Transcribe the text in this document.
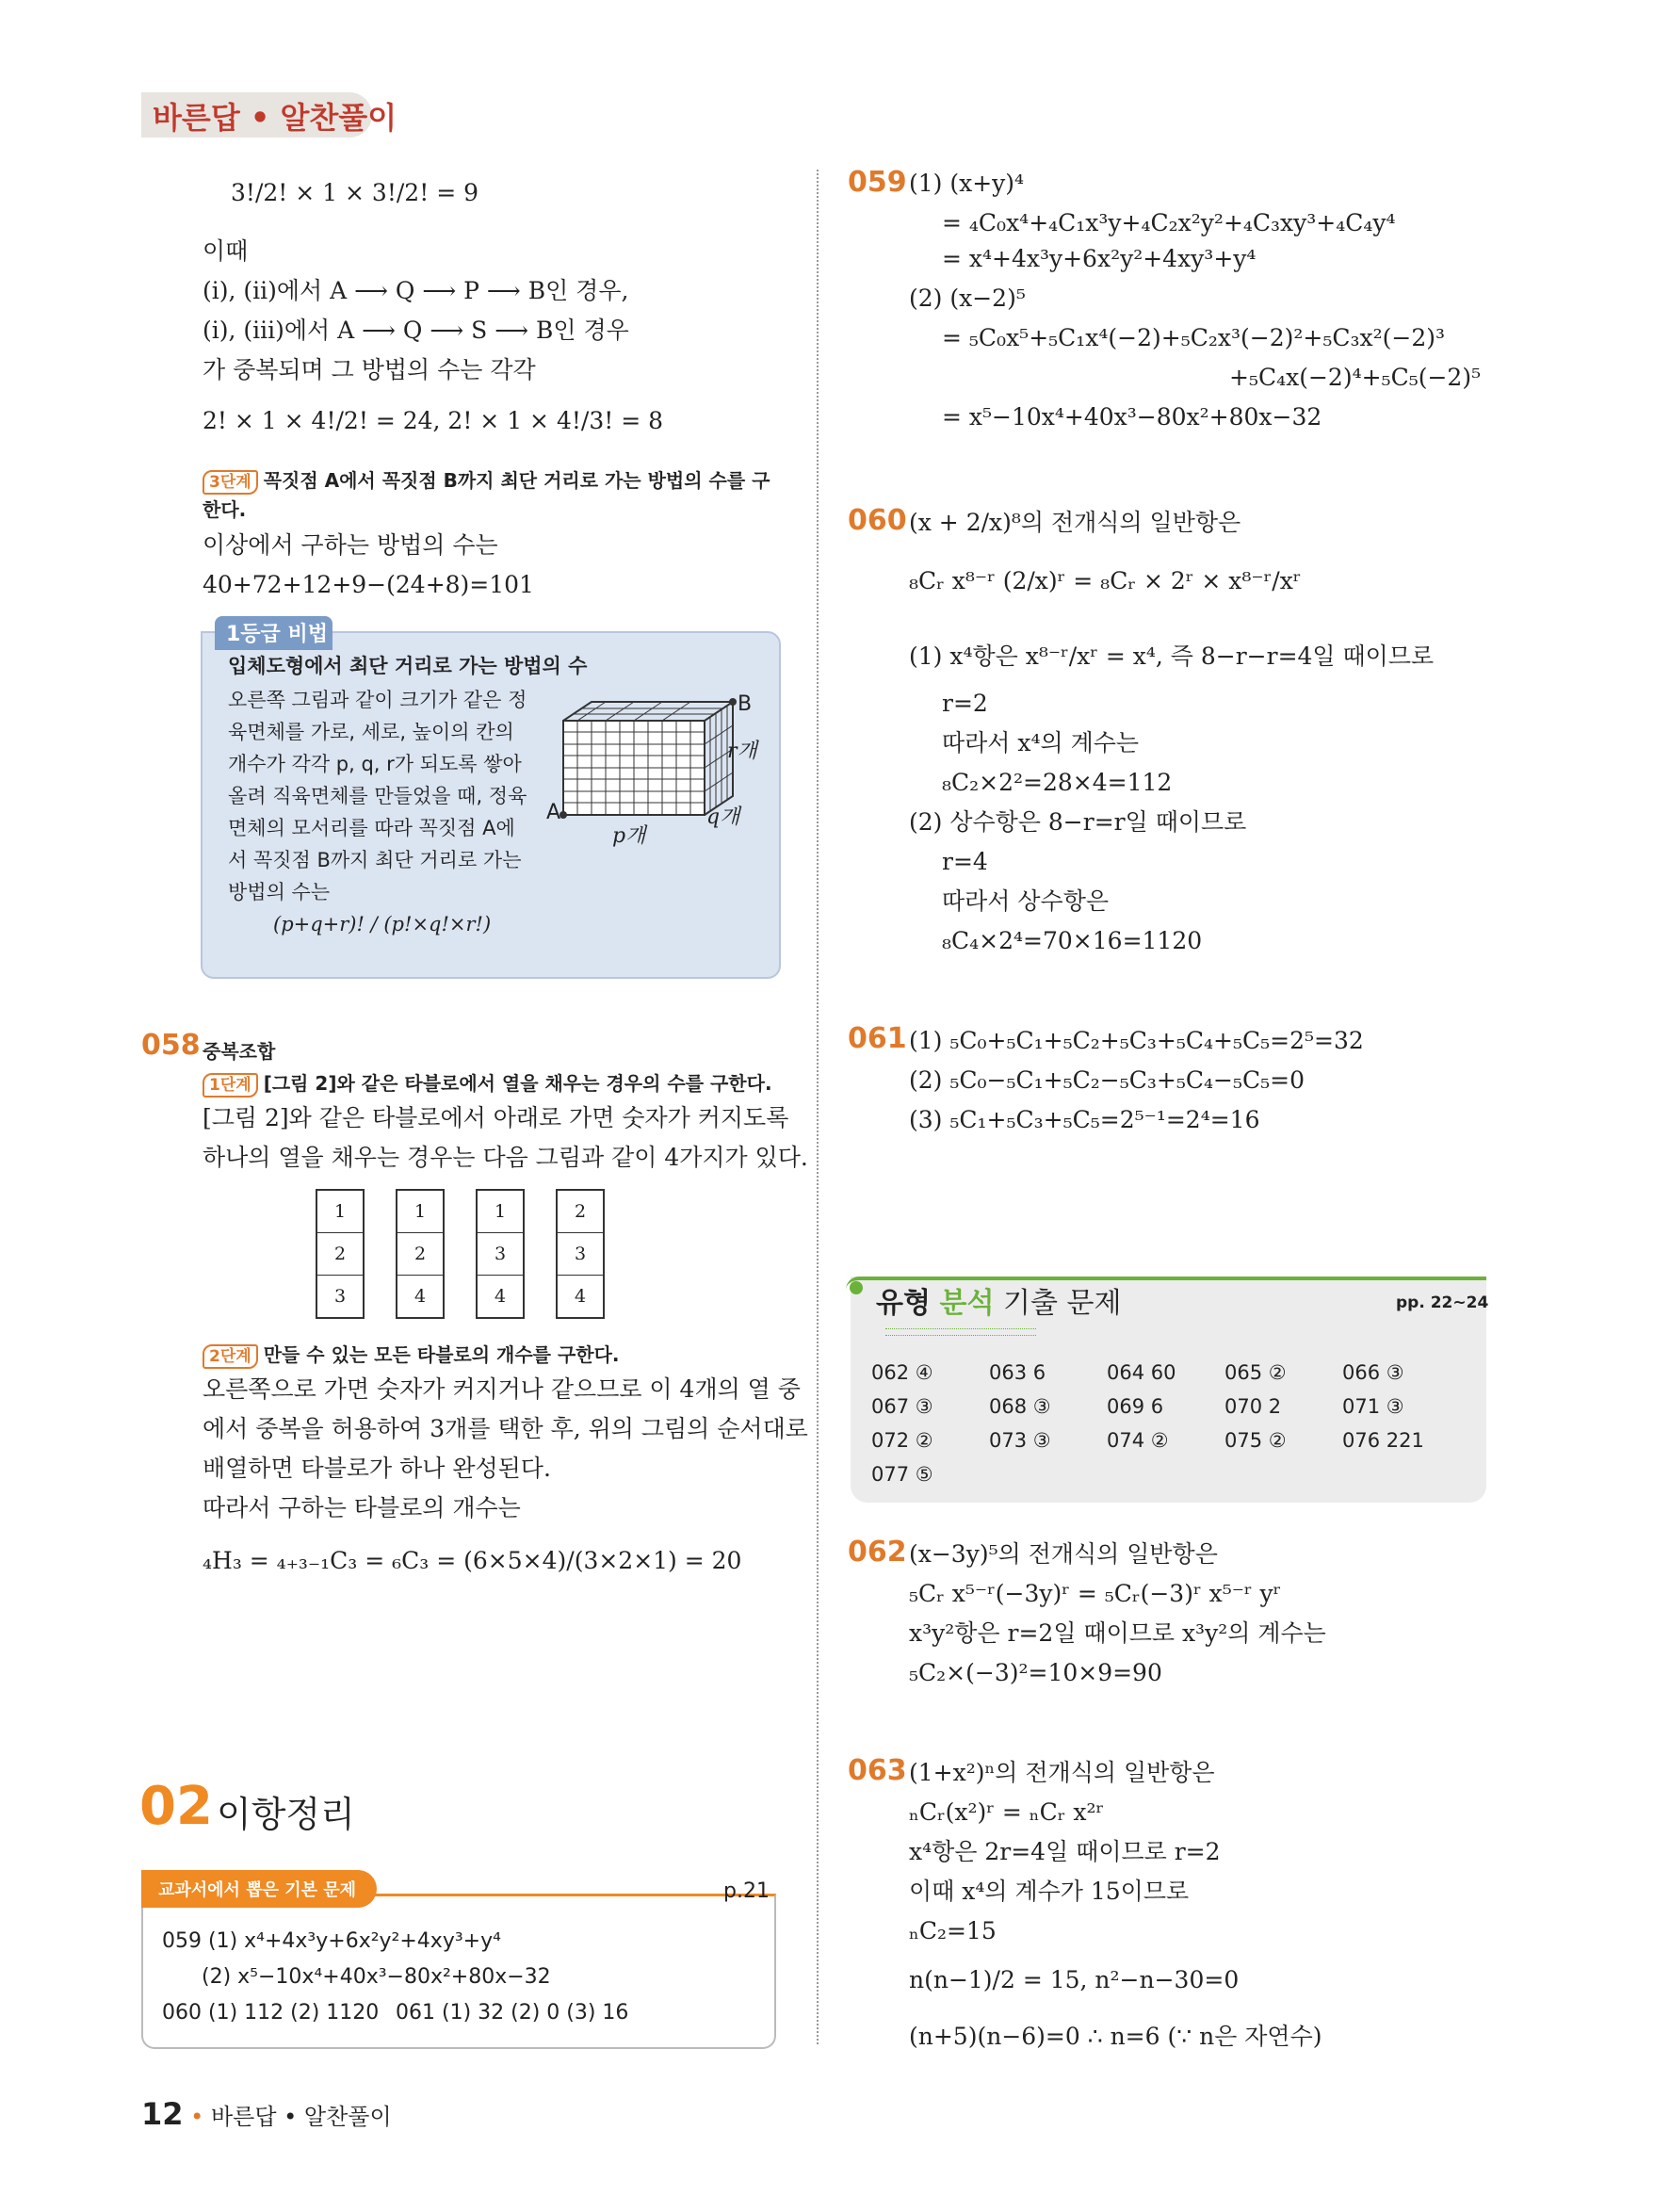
바른답 • 알찬풀이
3!/2! × 1 × 3!/2! = 9
이때
(i), (ii)에서 A ⟶ Q ⟶ P ⟶ B인 경우,
(i), (iii)에서 A ⟶ Q ⟶ S ⟶ B인 경우
가 중복되며 그 방법의 수는 각각
2! × 1 × 4!/2! = 24, 2! × 1 × 4!/3! = 8
3단계 꼭짓점 A에서 꼭짓점 B까지 최단 거리로 가는 방법의 수를 구
한다.
이상에서 구하는 방법의 수는
40+72+12+9−(24+8)=101
1등급 비법
입체도형에서 최단 거리로 가는 방법의 수
오른쪽 그림과 같이 크기가 같은 정
육면체를 가로, 세로, 높이의 칸의
개수가 각각 p, q, r가 되도록 쌓아
올려 직육면체를 만들었을 때, 정육
면체의 모서리를 따라 꼭짓점 A에
서 꼭짓점 B까지 최단 거리로 가는
방법의 수는
(p+q+r)! / (p!×q!×r!)
A
B
p개
q개
r개
058 중복조합
1단계 [그림 2]와 같은 타블로에서 열을 채우는 경우의 수를 구한다.
[그림 2]와 같은 타블로에서 아래로 가면 숫자가 커지도록
하나의 열을 채우는 경우는 다음 그림과 같이 4가지가 있다.
1
2
3
1
2
4
1
3
4
2
3
4
2단계 만들 수 있는 모든 타블로의 개수를 구한다.
오른쪽으로 가면 숫자가 커지거나 같으므로 이 4개의 열 중
에서 중복을 허용하여 3개를 택한 후, 위의 그림의 순서대로
배열하면 타블로가 하나 완성된다.
따라서 구하는 타블로의 개수는
₄H₃ = ₄₊₃₋₁C₃ = ₆C₃ = (6×5×4)/(3×2×1) = 20
02 이항정리
교과서에서 뽑은 기본 문제	p.21
059 (1) x⁴+4x³y+6x²y²+4xy³+y⁴
(2) x⁵−10x⁴+40x³−80x²+80x−32
060 (1) 112 (2) 1120 061 (1) 32 (2) 0 (3) 16
059 (1) (x+y)⁴
= ₄C₀x⁴+₄C₁x³y+₄C₂x²y²+₄C₃xy³+₄C₄y⁴
= x⁴+4x³y+6x²y²+4xy³+y⁴
(2) (x−2)⁵
= ₅C₀x⁵+₅C₁x⁴(−2)+₅C₂x³(−2)²+₅C₃x²(−2)³
+₅C₄x(−2)⁴+₅C₅(−2)⁵
= x⁵−10x⁴+40x³−80x²+80x−32
060 (x + 2/x)⁸의 전개식의 일반항은
₈Cᵣ x⁸⁻ʳ (2/x)ʳ = ₈Cᵣ × 2ʳ × x⁸⁻ʳ/xʳ
(1) x⁴항은 x⁸⁻ʳ/xʳ = x⁴, 즉 8−r−r=4일 때이므로
r=2
따라서 x⁴의 계수는
₈C₂×2²=28×4=112
(2) 상수항은 8−r=r일 때이므로
r=4
따라서 상수항은
₈C₄×2⁴=70×16=1120
061 (1) ₅C₀+₅C₁+₅C₂+₅C₃+₅C₄+₅C₅=2⁵=32
(2) ₅C₀−₅C₁+₅C₂−₅C₃+₅C₄−₅C₅=0
(3) ₅C₁+₅C₃+₅C₅=2⁵⁻¹=2⁴=16
유형 분석 기출 문제	pp. 22~24
062 ④	063 6	064 60 065 ②	066 ③
067 ③	068 ③	069 6	070 2	071 ③
072 ②	073 ③	074 ②	075 ②	076 221
077 ⑤
062 (x−3y)⁵의 전개식의 일반항은
₅Cᵣ x⁵⁻ʳ(−3y)ʳ = ₅Cᵣ(−3)ʳ x⁵⁻ʳ yʳ
x³y²항은 r=2일 때이므로 x³y²의 계수는
₅C₂×(−3)²=10×9=90
063 (1+x²)ⁿ의 전개식의 일반항은
ₙCᵣ(x²)ʳ = ₙCᵣ x²ʳ
x⁴항은 2r=4일 때이므로 r=2
이때 x⁴의 계수가 15이므로
ₙC₂=15
n(n−1)/2 = 15, n²−n−30=0
(n+5)(n−6)=0 ∴ n=6 (∵ n은 자연수)
12 • 바른답 • 알찬풀이
